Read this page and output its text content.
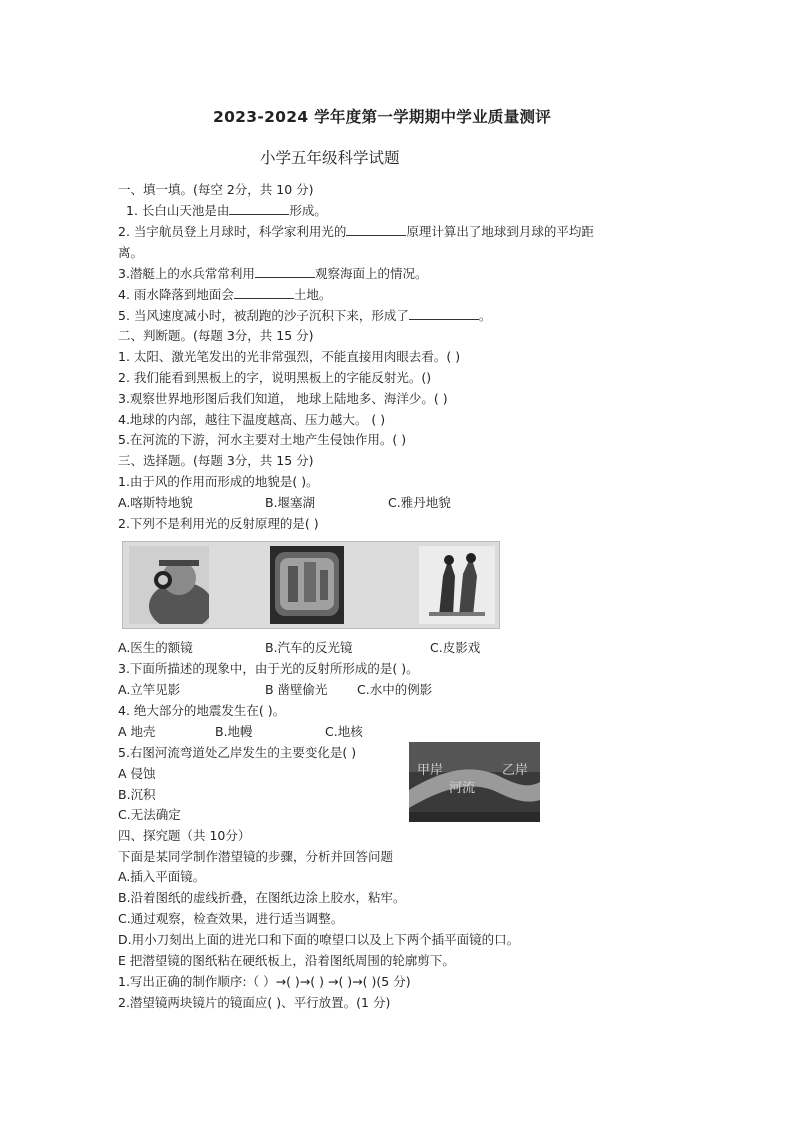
2023-2024 学年度第一学期期中学业质量测评
小学五年级科学试题
一、填一填。(每空 2分，共 10 分)
1. 长白山天池是由	形成。
2. 当宇航员登上月球时，科学家利用光的	原理计算出了地球到月球的平均距
离。
3.潜艇上的水兵常常利用	观察海面上的情况。
4. 雨水降落到地面会	土地。
5. 当风速度减小时，被刮跑的沙子沉积下来，形成了	。
二、判断题。(每题 3分，共 15 分)
1. 太阳、激光笔发出的光非常强烈，不能直接用肉眼去看。( )
2. 我们能看到黑板上的字，说明黑板上的字能反射光。()
3.观察世界地形图后我们知道， 地球上陆地多、海洋少。( )
4.地球的内部，越往下温度越高、压力越大。 ( )
5.在河流的下游，河水主要对土地产生侵蚀作用。( )
三、选择题。(每题 3分，共 15 分)
1.由于风的作用而形成的地貌是( )。
A.喀斯特地貌	B.堰塞湖	C.雅丹地貌
2.下列不是利用光的反射原理的是( )
A.医生的额镜	B.汽车的反光镜	C.皮影戏
3.下面所描述的现象中，由于光的反射所形成的是( )。
A.立竿见影	B 凿壁偷光 C.水中的例影
4. 绝大部分的地震发生在( )。
A 地壳	B.地幔	C.地核
5.右图河流弯道处乙岸发生的主要变化是( )
A 侵蚀
B.沉积
C.无法确定
甲岸	乙岸
河流
四、探究题（共 10分）
下面是某同学制作潜望镜的步骤，分析并回答问题
A.插入平面镜。
B.沿着图纸的虚线折叠，在图纸边涂上胶水，粘牢。
C.通过观察，检查效果，进行适当调整。
D.用小刀刻出上面的进光口和下面的嘹望口以及上下两个插平面镜的口。
E 把潜望镜的图纸粘在硬纸板上，沿着图纸周围的轮廓剪下。
1.写出正确的制作顺序:（ ）→( )→( ) →( )→( )(5 分)
2.潜望镜两块镜片的镜面应( )、平行放置。(1 分)
